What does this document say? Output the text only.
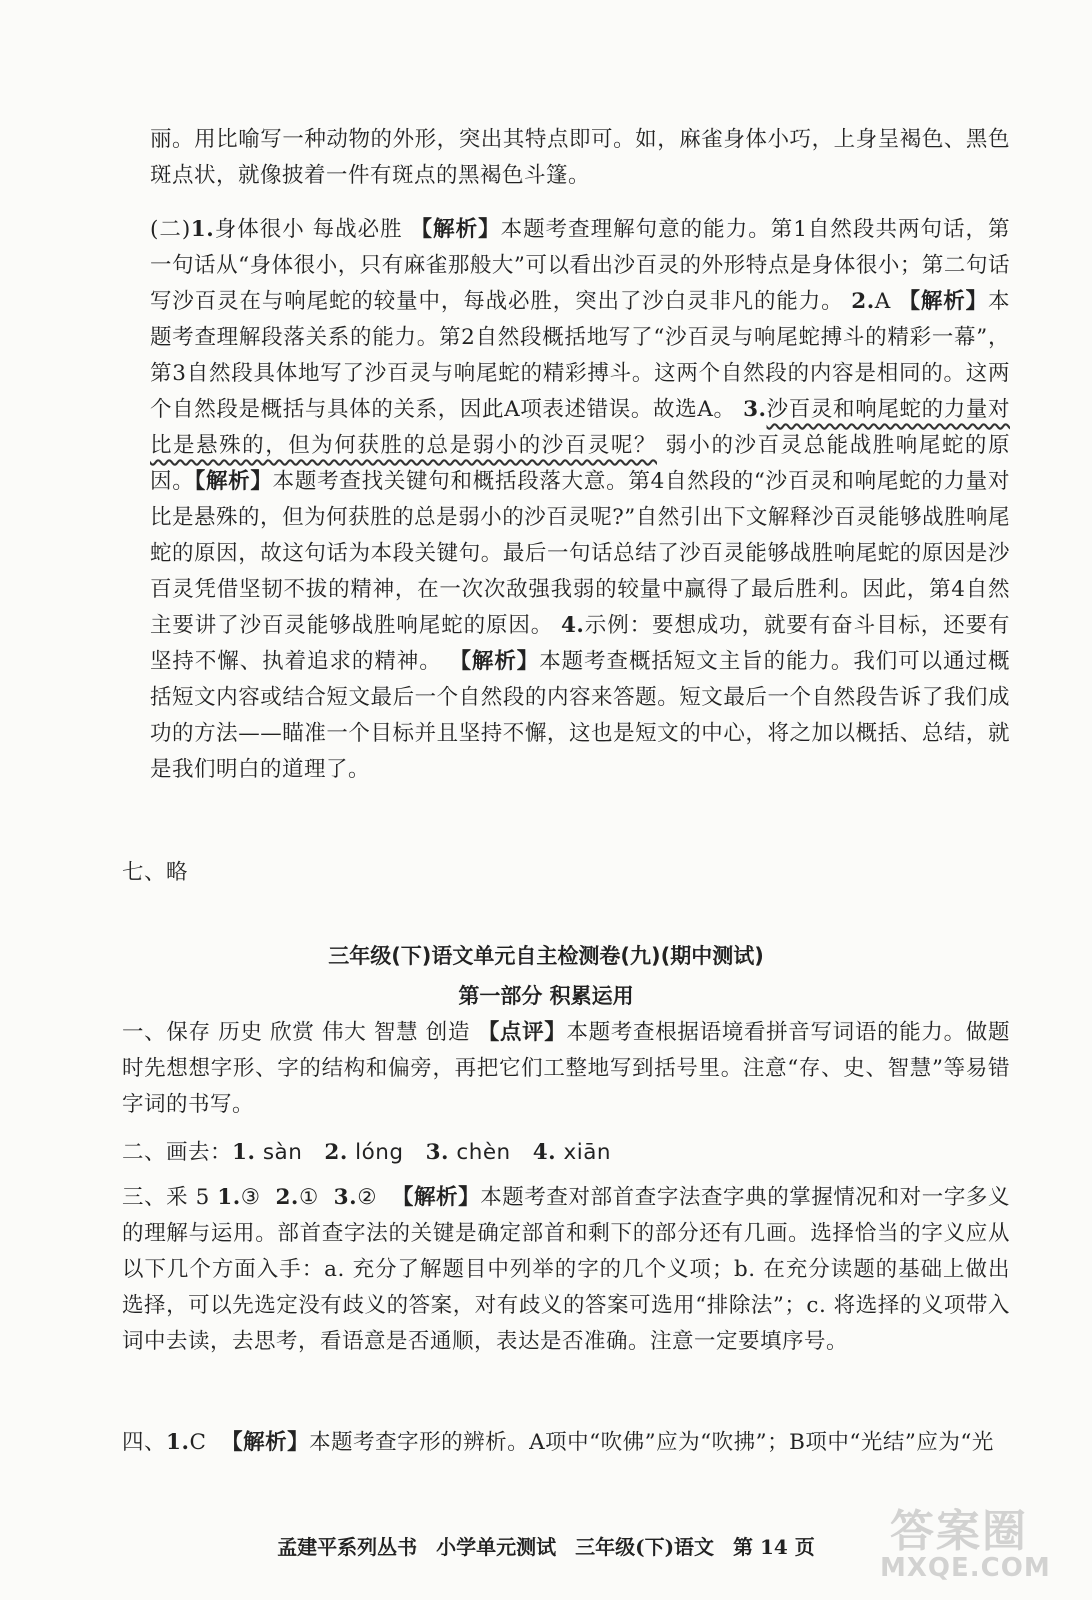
丽。用比喻写一种动物的外形，突出其特点即可。如，麻雀身体小巧，上身呈褐色、黑色斑点状，就像披着一件有斑点的黑褐色斗篷。
(二)1.身体很小 每战必胜 【解析】本题考查理解句意的能力。第1自然段共两句话，第一句话从“身体很小，只有麻雀那般大”可以看出沙百灵的外形特点是身体很小；第二句话写沙百灵在与响尾蛇的较量中，每战必胜，突出了沙白灵非凡的能力。 2.A 【解析】本题考查理解段落关系的能力。第2自然段概括地写了“沙百灵与响尾蛇搏斗的精彩一幕”，第3自然段具体地写了沙百灵与响尾蛇的精彩搏斗。这两个自然段的内容是相同的。这两个自然段是概括与具体的关系，因此A项表述错误。故选A。 3.沙百灵和响尾蛇的力量对比是悬殊的，但为何获胜的总是弱小的沙百灵呢？ 弱小的沙百灵总能战胜响尾蛇的原因。【解析】本题考查找关键句和概括段落大意。第4自然段的“沙百灵和响尾蛇的力量对比是悬殊的，但为何获胜的总是弱小的沙百灵呢?”自然引出下文解释沙百灵能够战胜响尾蛇的原因，故这句话为本段关键句。最后一句话总结了沙百灵能够战胜响尾蛇的原因是沙百灵凭借坚韧不拔的精神，在一次次敌强我弱的较量中赢得了最后胜利。因此，第4自然主要讲了沙百灵能够战胜响尾蛇的原因。 4.示例：要想成功，就要有奋斗目标，还要有坚持不懈、执着追求的精神。 【解析】本题考查概括短文主旨的能力。我们可以通过概括短文内容或结合短文最后一个自然段的内容来答题。短文最后一个自然段告诉了我们成功的方法——瞄准一个目标并且坚持不懈，这也是短文的中心，将之加以概括、总结，就是我们明白的道理了。
七、略
三年级(下)语文单元自主检测卷(九)(期中测试)
第一部分 积累运用
一、保存 历史 欣赏 伟大 智慧 创造 【点评】本题考查根据语境看拼音写词语的能力。做题时先想想字形、字的结构和偏旁，再把它们工整地写到括号里。注意“存、史、智慧”等易错字词的书写。
二、画去：1. sàn 2. lóng 3. chèn 4. xiān
三、釆 5 1.③ 2.① 3.② 【解析】本题考查对部首查字法查字典的掌握情况和对一字多义的理解与运用。部首查字法的关键是确定部首和剩下的部分还有几画。选择恰当的字义应从以下几个方面入手：a. 充分了解题目中列举的字的几个义项；b. 在充分读题的基础上做出选择，可以先选定没有歧义的答案，对有歧义的答案可选用“排除法”；c. 将选择的义项带入词中去读，去思考，看语意是否通顺，表达是否准确。注意一定要填序号。
四、1.C 【解析】本题考查字形的辨析。A项中“吹佛”应为“吹拂”；B项中“光结”应为“光
孟建平系列丛书 小学单元测试 三年级(下)语文 第 14 页	答案圈
MXQE.COM
